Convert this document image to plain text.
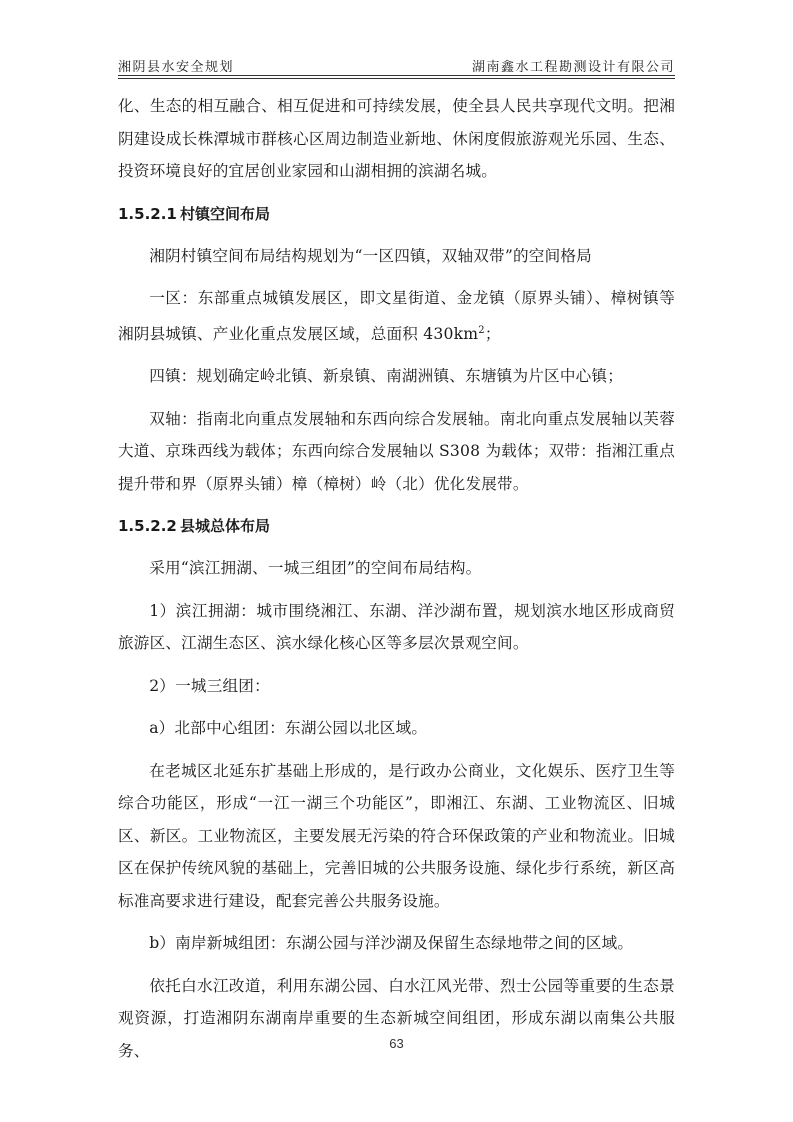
湘阴县水安全规划	湖南鑫水工程勘测设计有限公司

化、生态的相互融合、相互促进和可持续发展，使全县人民共享现代文明。把湘阴建设成长株潭城市群核心区周边制造业新地、休闲度假旅游观光乐园、生态、投资环境良好的宜居创业家园和山湖相拥的滨湖名城。

1.5.2.1 村镇空间布局

湘阴村镇空间布局结构规划为“一区四镇，双轴双带”的空间格局

一区：东部重点城镇发展区，即文星街道、金龙镇（原界头铺）、樟树镇等湘阴县城镇、产业化重点发展区域，总面积 $430km^2$；

四镇：规划确定岭北镇、新泉镇、南湖洲镇、东塘镇为片区中心镇；

双轴：指南北向重点发展轴和东西向综合发展轴。南北向重点发展轴以芙蓉大道、京珠西线为载体；东西向综合发展轴以 S308 为载体；双带：指湘江重点提升带和界（原界头铺）樟（樟树）岭（北）优化发展带。

1.5.2.2 县城总体布局

采用“滨江拥湖、一城三组团”的空间布局结构。

1）滨江拥湖：城市围绕湘江、东湖、洋沙湖布置，规划滨水地区形成商贸旅游区、江湖生态区、滨水绿化核心区等多层次景观空间。

2）一城三组团：

a）北部中心组团：东湖公园以北区域。

在老城区北延东扩基础上形成的，是行政办公商业，文化娱乐、医疗卫生等综合功能区，形成“一江一湖三个功能区”，即湘江、东湖、工业物流区、旧城区、新区。工业物流区，主要发展无污染的符合环保政策的产业和物流业。旧城区在保护传统风貌的基础上，完善旧城的公共服务设施、绿化步行系统，新区高标准高要求进行建设，配套完善公共服务设施。

b）南岸新城组团：东湖公园与洋沙湖及保留生态绿地带之间的区域。

依托白水江改道，利用东湖公园、白水江风光带、烈士公园等重要的生态景观资源，打造湘阴东湖南岸重要的生态新城空间组团，形成东湖以南集公共服务、	63
